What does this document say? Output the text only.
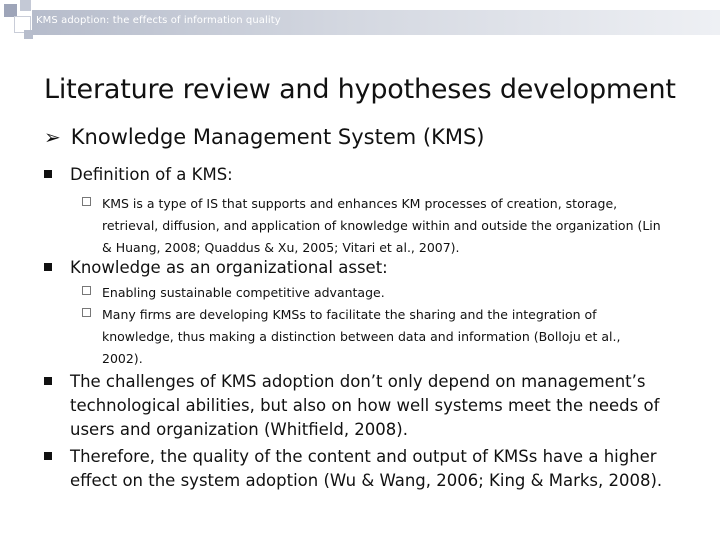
KMS adoption: the effects of information quality
Literature review and hypotheses development
➢ Knowledge Management System (KMS)
Definition of a KMS:
KMS is a type of IS that supports and enhances KM processes of creation, storage, retrieval, diffusion, and application of knowledge within and outside the organization (Lin & Huang, 2008; Quaddus & Xu, 2005; Vitari et al., 2007).
Knowledge as an organizational asset:
Enabling sustainable competitive advantage.
Many firms are developing KMSs to facilitate the sharing and the integration of knowledge, thus making a distinction between data and information (Bolloju et al., 2002).
The challenges of KMS adoption don’t only depend on management’s technological abilities, but also on how well systems meet the needs of users and organization (Whitfield, 2008).
Therefore, the quality of the content and output of KMSs have a higher effect on the system adoption (Wu & Wang, 2006; King & Marks, 2008).
